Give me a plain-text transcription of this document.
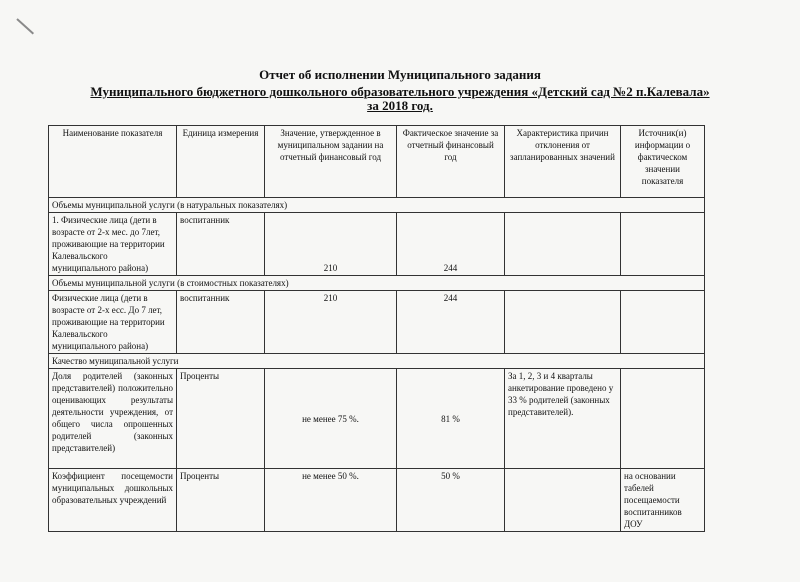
Отчет об исполнении Муниципального задания
Муниципального бюджетного дошкольного образовательного учреждения «Детский сад №2 п.Калевала»
за 2018 год.
Наименование показателя	Единица измерения	Значение, утвержденное в муниципальном задании на отчетный финансовый год	Фактическое значение за отчетный финансовый год	Характеристика причин отклонения от запланированных значений	Источник(и) информации о фактическом значении показателя
Объемы муниципальной услуги (в натуральных показателях)					
1. Физические лица (дети в возрасте от 2-х мес. до 7лет, проживающие на территории Калевальского муниципального района)	воспитанник	210	244		
Объемы муниципальной услуги (в стоимостных показателях)					
Физические лица (дети в возрасте от 2-х есс. До 7 лет, проживающие на территории Калевальского муниципального района)	воспитанник	210	244		
Качество муниципальной услуги					
Доля родителей (законных представителей) положительно оценивающих результаты деятельности учреждения, от общего числа опрошенных родителей (законных представителей)	Проценты	не менее 75 %.	81 %	За 1, 2, 3 и 4 кварталы анкетирование проведено у 33 % родителей (законных представителей).	
Коэффициент посещемости муниципальных дошкольных образовательных учреждений	Проценты	не менее 50 %.	50 %		на основании табелей посещаемости воспитанников ДОУ
